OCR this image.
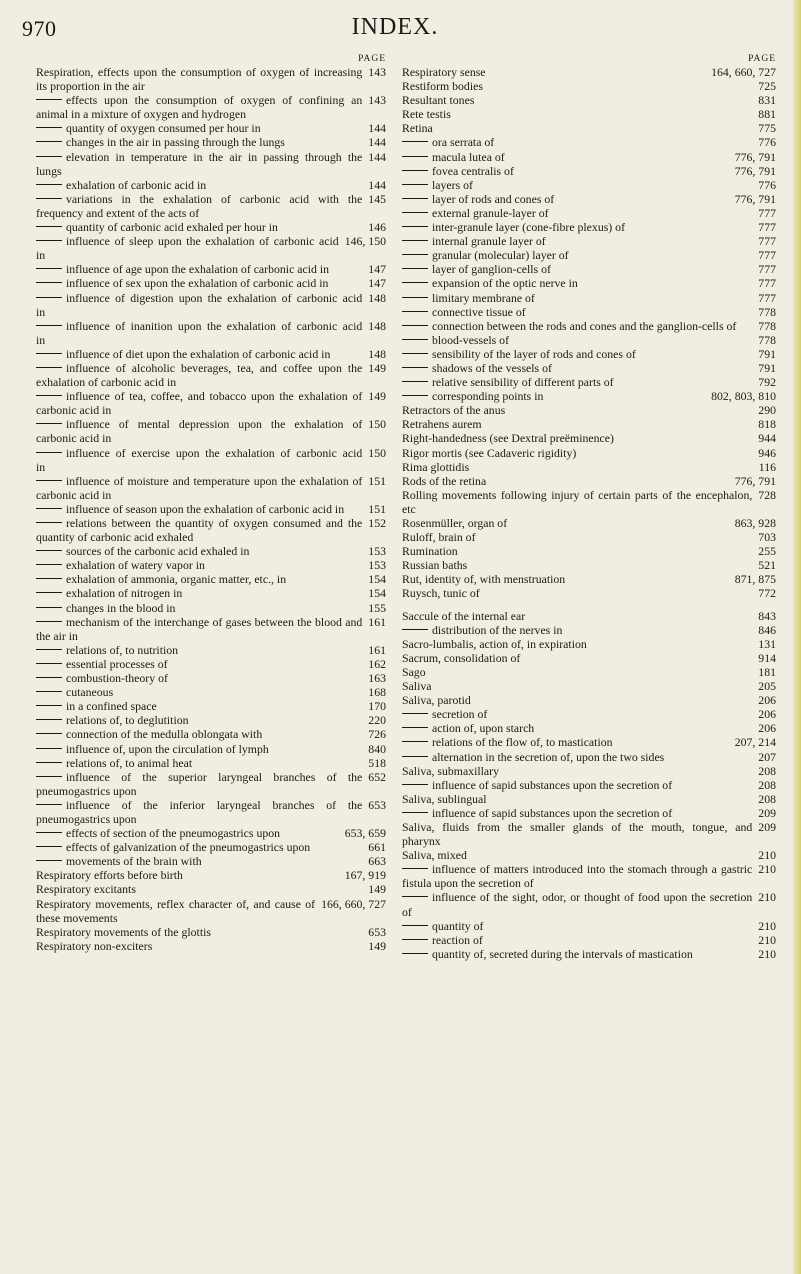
970	INDEX.
PAGE
143
Respiration, effects upon the consumption of oxygen of increasing its proportion in the air 
143
effects upon the consumption of oxygen of confining an animal in a mixture of oxygen and hydrogen 
144
quantity of oxygen consumed per hour in 
144
changes in the air in passing through the lungs 
144
elevation in temperature in the air in passing through the lungs 
144
exhalation of carbonic acid in 
145
variations in the exhalation of carbonic acid with the frequency and extent of the acts of 
146
quantity of carbonic acid exhaled per hour in 
146, 150
influence of sleep upon the exhalation of carbonic acid in 
147
influence of age upon the exhalation of carbonic acid in 
147
influence of sex upon the exhalation of carbonic acid in 
148
influence of digestion upon the exhalation of carbonic acid in 
148
influence of inanition upon the exhalation of carbonic acid in 
148
influence of diet upon the exhalation of carbonic acid in 
149
influence of alcoholic beverages, tea, and coffee upon the exhalation of carbonic acid in 
149
influence of tea, coffee, and tobacco upon the exhalation of carbonic acid in 
150
influence of mental depression upon the exhalation of carbonic acid in 
150
influence of exercise upon the exhalation of carbonic acid in 
151
influence of moisture and temperature upon the exhalation of carbonic acid in 
151
influence of season upon the exhalation of carbonic acid in 
152
relations between the quantity of oxygen consumed and the quantity of carbonic acid exhaled 
153
sources of the carbonic acid exhaled in 
153
exhalation of watery vapor in 
154
exhalation of ammonia, organic matter, etc., in 
154
exhalation of nitrogen in 
155
changes in the blood in 
161
mechanism of the interchange of gases between the blood and the air in 
161
relations of, to nutrition 
162
essential processes of 
163
combustion-theory of 
168
cutaneous 
170
in a confined space 
220
relations of, to deglutition 
726
connection of the medulla oblongata with 
840
influence of, upon the circulation of lymph 
518
relations of, to animal heat 
652
influence of the superior laryngeal branches of the pneumogastrics upon 
653
influence of the inferior laryngeal branches of the pneumogastrics upon 
653, 659
effects of section of the pneumogastrics upon 
661
effects of galvanization of the pneumogastrics upon 
663
movements of the brain with 
167, 919
Respiratory efforts before birth 
149
Respiratory excitants 
166, 660, 727
Respiratory movements, reflex character of, and cause of these movements 
653
Respiratory movements of the glottis 
149
Respiratory non-exciters 
PAGE
164, 660, 727
Respiratory sense 
725
Restiform bodies 
831
Resultant tones 
881
Rete testis 
775
Retina 
776
ora serrata of 
776, 791
macula lutea of 
776, 791
fovea centralis of 
776
layers of 
776, 791
layer of rods and cones of 
777
external granule-layer of 
777
inter-granule layer (cone-fibre plexus) of 
777
internal granule layer of 
777
granular (molecular) layer of 
777
layer of ganglion-cells of 
777
expansion of the optic nerve in 
777
limitary membrane of 
778
connective tissue of 
778
connection between the rods and cones and the ganglion-cells of 
778
blood-vessels of 
791
sensibility of the layer of rods and cones of 
791
shadows of the vessels of 
792
relative sensibility of different parts of 
802, 803, 810
corresponding points in 
290
Retractors of the anus 
818
Retrahens aurem 
944
Right-handedness (see Dextral preëminence) 
946
Rigor mortis (see Cadaveric rigidity) 
116
Rima glottidis 
776, 791
Rods of the retina 
728
Rolling movements following injury of certain parts of the encephalon, etc 
863, 928
Rosenmüller, organ of 
703
Ruloff, brain of 
255
Rumination 
521
Russian baths 
871, 875
Rut, identity of, with menstruation 
772
Ruysch, tunic of 
843
Saccule of the internal ear 
846
distribution of the nerves in 
131
Sacro-lumbalis, action of, in expiration 
914
Sacrum, consolidation of 
181
Sago 
205
Saliva 
206
Saliva, parotid 
206
secretion of 
206
action of, upon starch 
207, 214
relations of the flow of, to mastication 
207
alternation in the secretion of, upon the two sides 
208
Saliva, submaxillary 
208
influence of sapid substances upon the secretion of 
208
Saliva, sublingual 
209
influence of sapid substances upon the secretion of 
209
Saliva, fluids from the smaller glands of the mouth, tongue, and pharynx 
210
Saliva, mixed 
210
influence of matters introduced into the stomach through a gastric fistula upon the secretion of 
210
influence of the sight, odor, or thought of food upon the secretion of 
210
quantity of 
210
reaction of 
210
quantity of, secreted during the intervals of mastication 
